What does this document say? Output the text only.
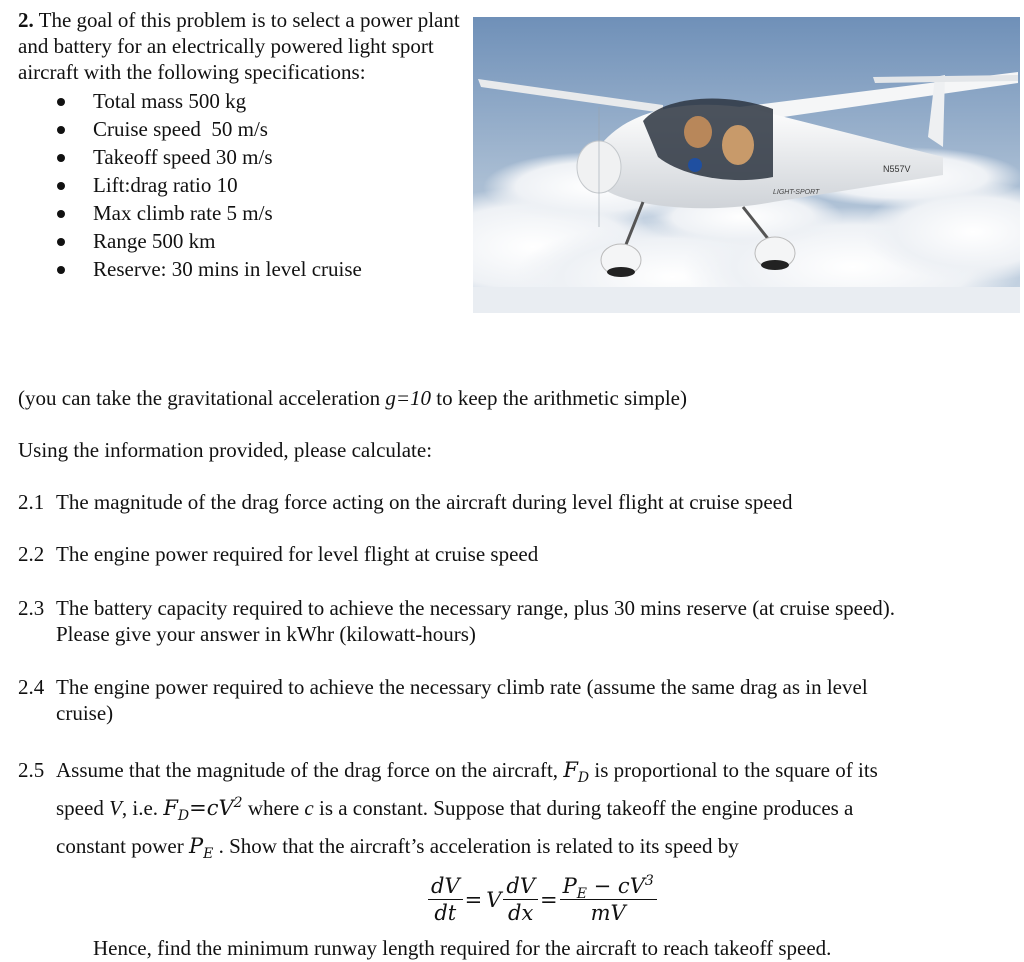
2. The goal of this problem is to select a power plant and battery for an electrically powered light sport aircraft with the following specifications:

Total mass 500 kg
Cruise speed  50 m/s
Takeoff speed 30 m/s
Lift:drag ratio 10
Max climb rate 5 m/s
Range 500 km
Reserve: 30 mins in level cruise
LIGHT-SPORT
N557V

(you can take the gravitational acceleration g=10 to keep the arithmetic simple)

Using the information provided, please calculate:

2.1 The magnitude of the drag force acting on the aircraft during level flight at cruise speed
2.2 The engine power required for level flight at cruise speed
2.3 The battery capacity required to achieve the necessary range, plus 30 mins reserve (at cruise speed).
Please give your answer in kWhr (kilowatt-hours)
2.4 The engine power required to achieve the necessary climb rate (assume the same drag as in level
cruise)
2.5 Assume that the magnitude of the drag force on the aircraft, $F_D$ is proportional to the square of its
speed V, i.e. $F_D=cV^2$ where c is a constant. Suppose that during takeoff the engine produces a
constant power $P_E$ . Show that the aircraft’s acceleration is related to its speed by
$\frac{dV}{dt} = V \frac{dV}{dx} = \frac{P_E - cV^3}{mV}$
Hence, find the minimum runway length required for the aircraft to reach takeoff speed.
